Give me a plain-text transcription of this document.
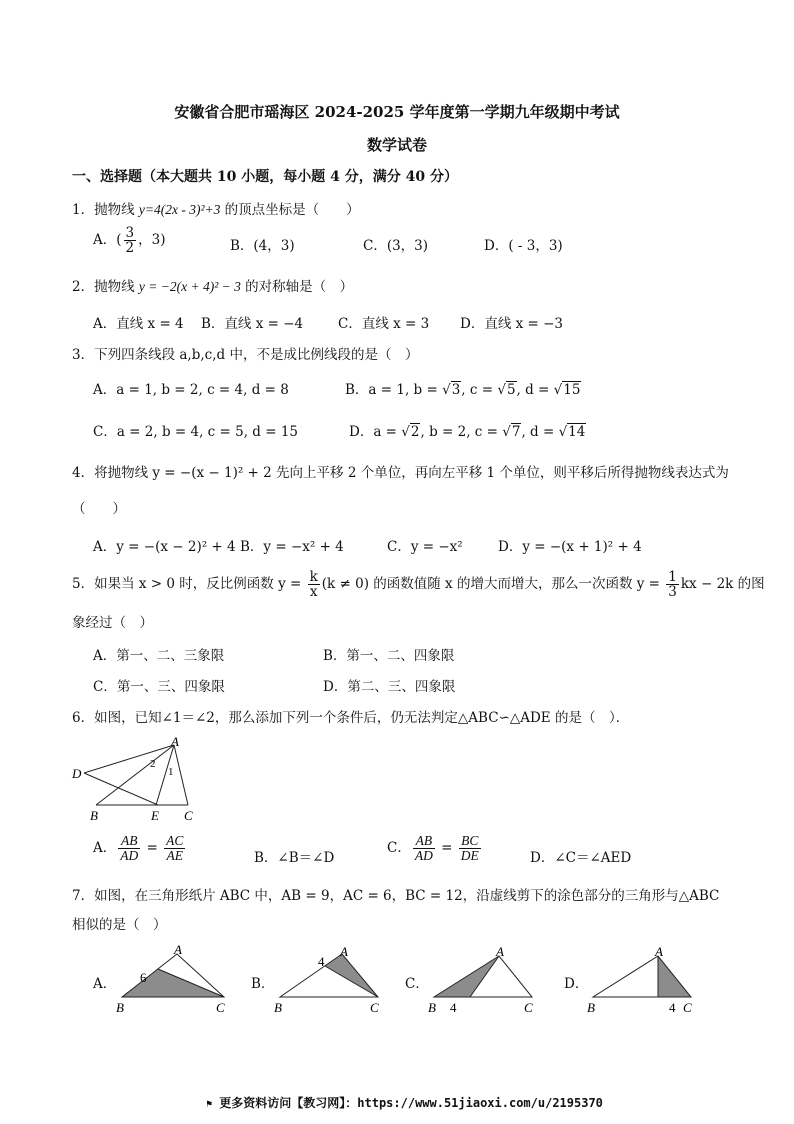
安徽省合肥市瑶海区 2024-2025 学年度第一学期九年级期中考试
数学试卷
一、选择题（本大题共 10 小题，每小题 4 分，满分 40 分）
1．抛物线 y=4(2x - 3)²+3 的顶点坐标是（　　）
A．( $\frac{3}{2}$ ，3)	B．(4，3)	C．(3，3)	D．( - 3，3)
2．抛物线 y = −2(x + 4)² − 3 的对称轴是（　）
A．直线 x = 4 B．直线 x = −4	C．直线 x = 3 D．直线 x = −3
3．下列四条线段 a,b,c,d 中，不是成比例线段的是（　）
A．a = 1, b = 2, c = 4, d = 8	B．a = 1, b = √3, c = √5, d = √15
C．a = 2, b = 4, c = 5, d = 15	D．a = √2, b = 2, c = √7, d = √14
4．将抛物线 y = −(x − 1)² + 2 先向上平移 2 个单位，再向左平移 1 个单位，则平移后所得抛物线表达式为
（　　）
A．y = −(x − 2)² + 4 B．y = −x² + 4	C．y = −x²	D．y = −(x + 1)² + 4
5．如果当 x > 0 时，反比例函数 $y = \frac{k}{x} (k \ne 0)$ 的函数值随 x 的增大而增大，那么一次函数 $y = \frac{1}{3}$ kx − 2k 的图
象经过（　）
A．第一、二、三象限	B．第一、二、四象限
C．第一、三、四象限	D．第二、三、四象限
6．如图，已知∠1＝∠2，那么添加下列一个条件后，仍无法判定△ABC∽△ADE 的是（　）．
A
D
B	E C
1
2
A． $\frac{AB}{AD} = \frac{AC}{AE}$	B．∠B＝∠D
C． $\frac{AB}{AD} = \frac{BC}{DE}$	D．∠C＝∠AED
7．如图，在三角形纸片 ABC 中，AB = 9，AC = 6，BC = 12，沿虚线剪下的涂色部分的三角形与△ABC
相似的是（　）
A．
A
B	C
6	B．
A
B	C
4
C．
A
B	C
4
D．
A
B	C
4
⚑ 更多资料访问【教习网】：https://www.51jiaoxi.com/u/2195370
